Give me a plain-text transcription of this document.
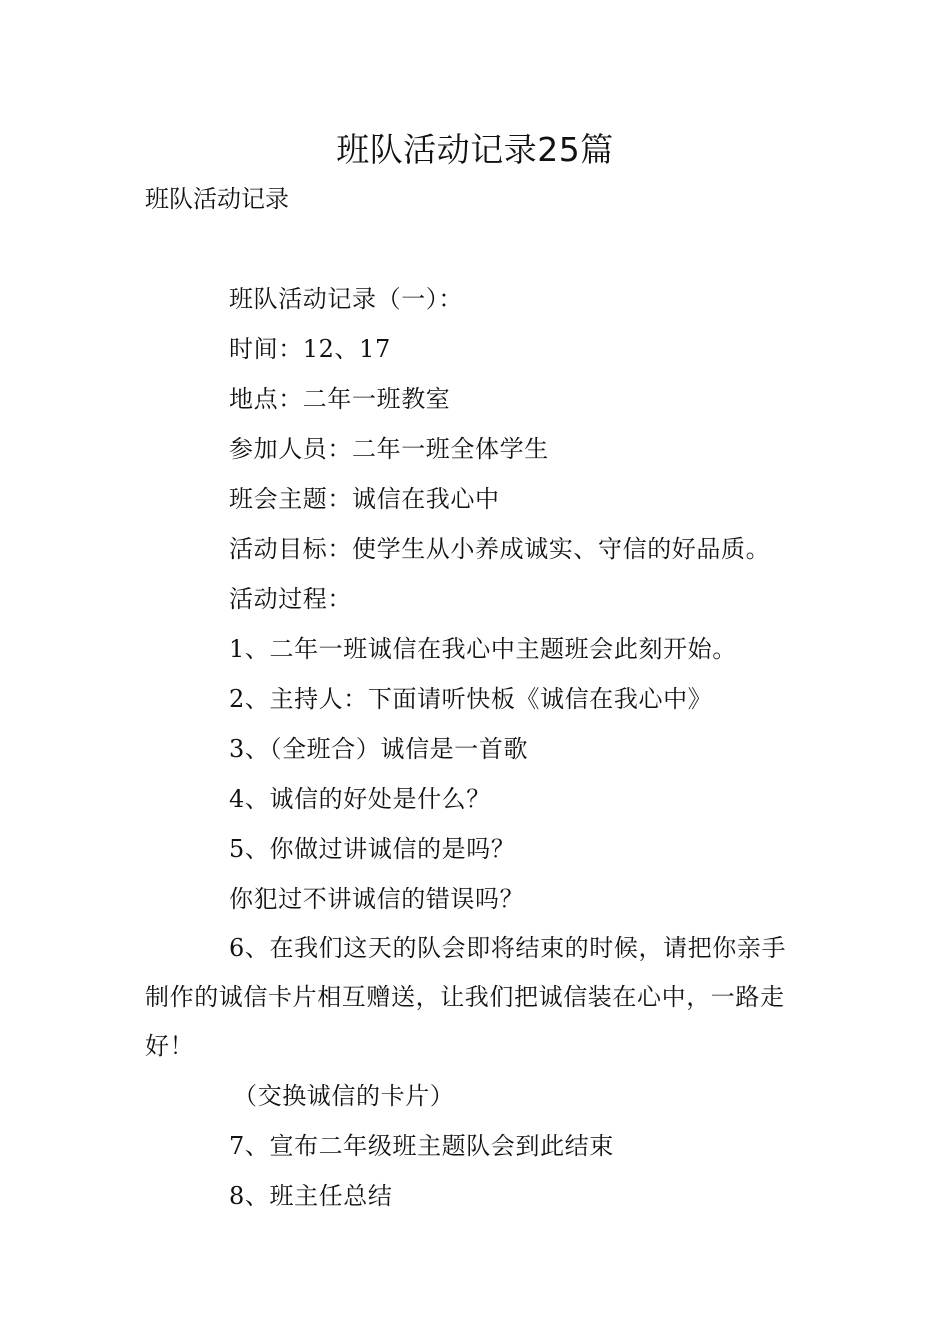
班队活动记录25篇

班队活动记录

班队活动记录（一）：

时间：12、17

地点：二年一班教室

参加人员：二年一班全体学生

班会主题：诚信在我心中

活动目标：使学生从小养成诚实、守信的好品质。

活动过程：

1、二年一班诚信在我心中主题班会此刻开始。

2、主持人：下面请听快板《诚信在我心中》

3、（全班合）诚信是一首歌

4、诚信的好处是什么？

5、你做过讲诚信的是吗？

你犯过不讲诚信的错误吗？

6、在我们这天的队会即将结束的时候，请把你亲手制作的诚信卡片相互赠送，让我们把诚信装在心中，一路走好！

（交换诚信的卡片）

7、宣布二年级班主题队会到此结束

8、班主任总结
